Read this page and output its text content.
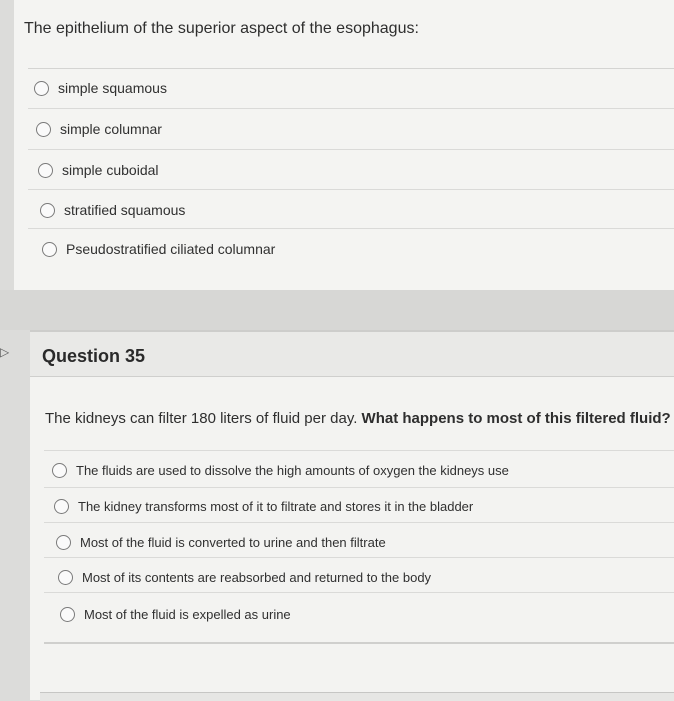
The epithelium of the superior aspect of the esophagus:
simple squamous
simple columnar
simple cuboidal
stratified squamous
Pseudostratified ciliated columnar
▷ Question 35
The kidneys can filter 180 liters of fluid per day. What happens to most of this filtered fluid?
The fluids are used to dissolve the high amounts of oxygen the kidneys use
The kidney transforms most of it to filtrate and stores it in the bladder
Most of the fluid is converted to urine and then filtrate
Most of its contents are reabsorbed and returned to the body
Most of the fluid is expelled as urine
